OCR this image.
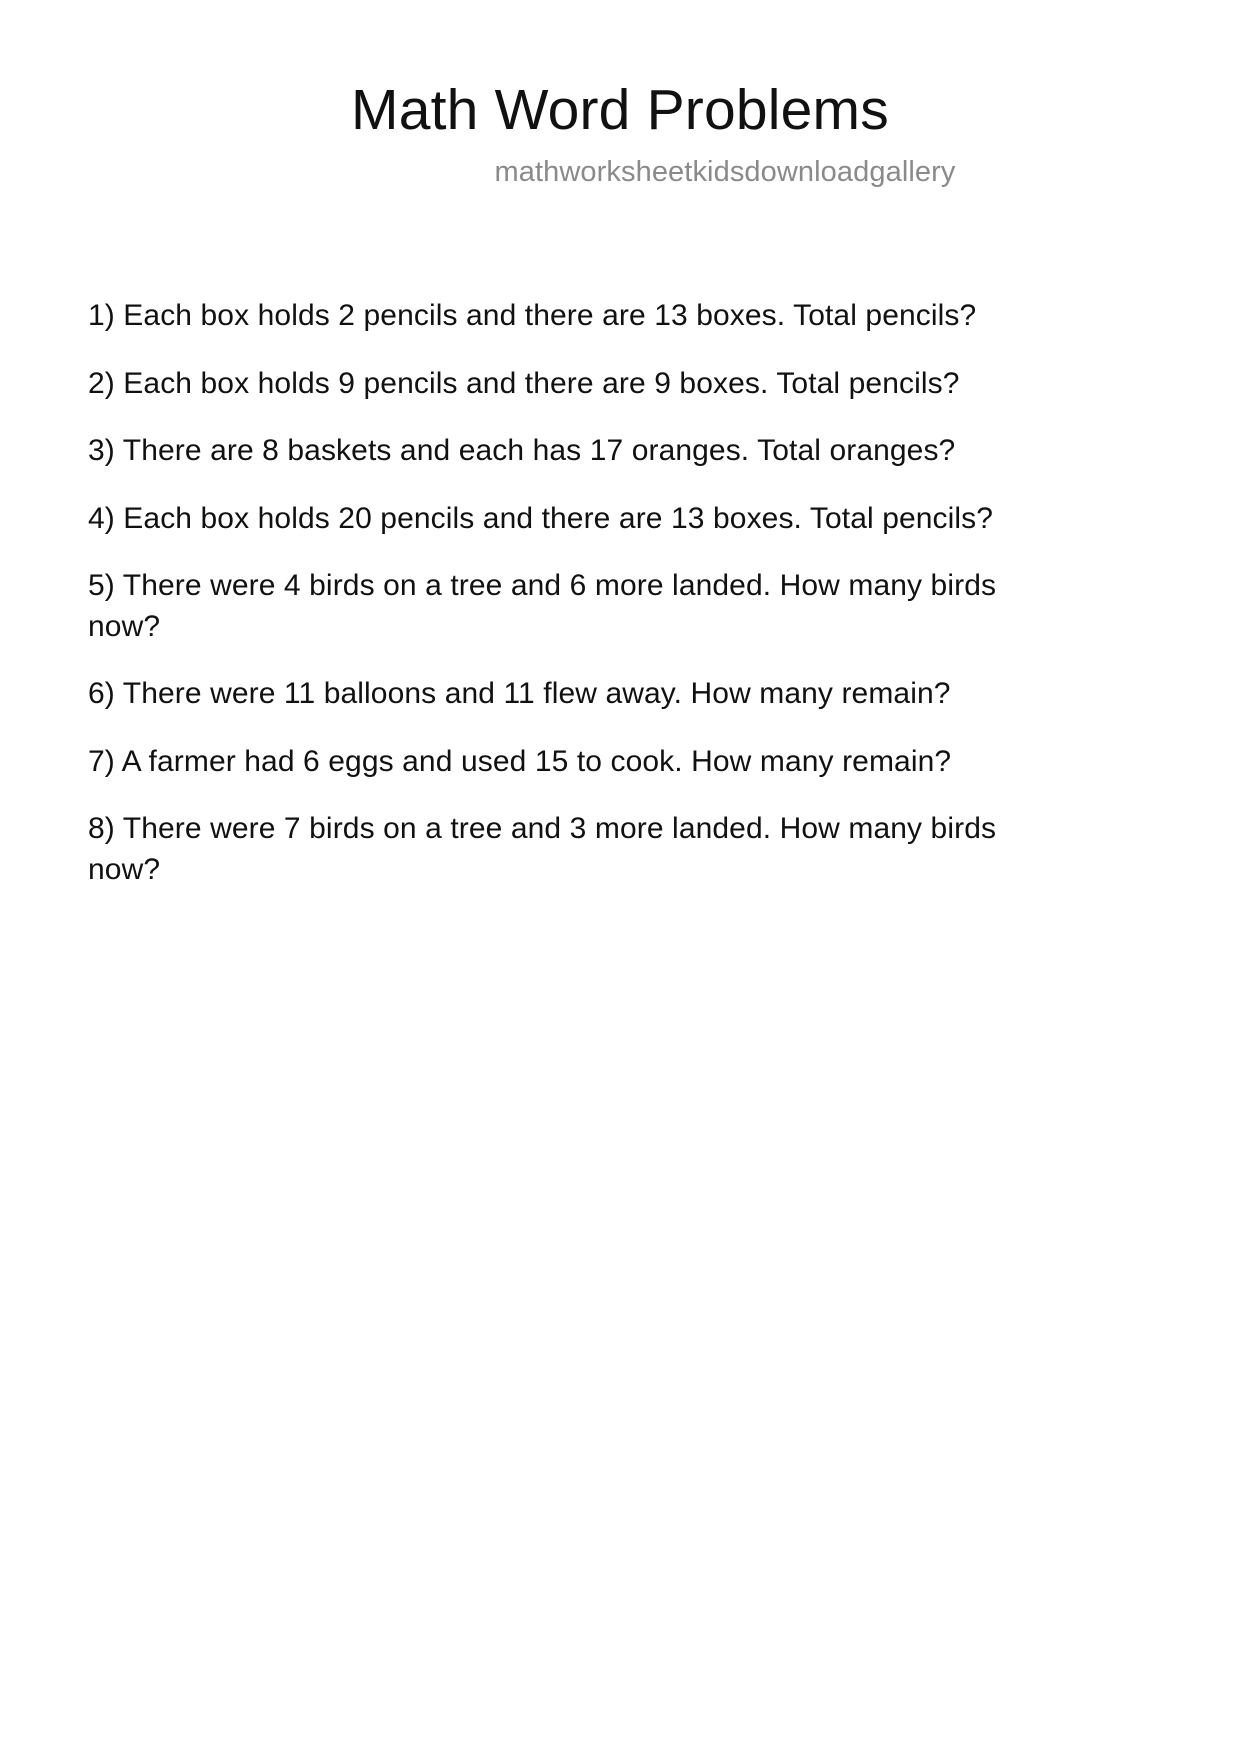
Math Word Problems
mathworksheetkidsdownloadgallery
1) Each box holds 2 pencils and there are 13 boxes. Total pencils?
2) Each box holds 9 pencils and there are 9 boxes. Total pencils?
3) There are 8 baskets and each has 17 oranges. Total oranges?
4) Each box holds 20 pencils and there are 13 boxes. Total pencils?
5) There were 4 birds on a tree and 6 more landed. How many birds now?
6) There were 11 balloons and 11 flew away. How many remain?
7) A farmer had 6 eggs and used 15 to cook. How many remain?
8) There were 7 birds on a tree and 3 more landed. How many birds now?
